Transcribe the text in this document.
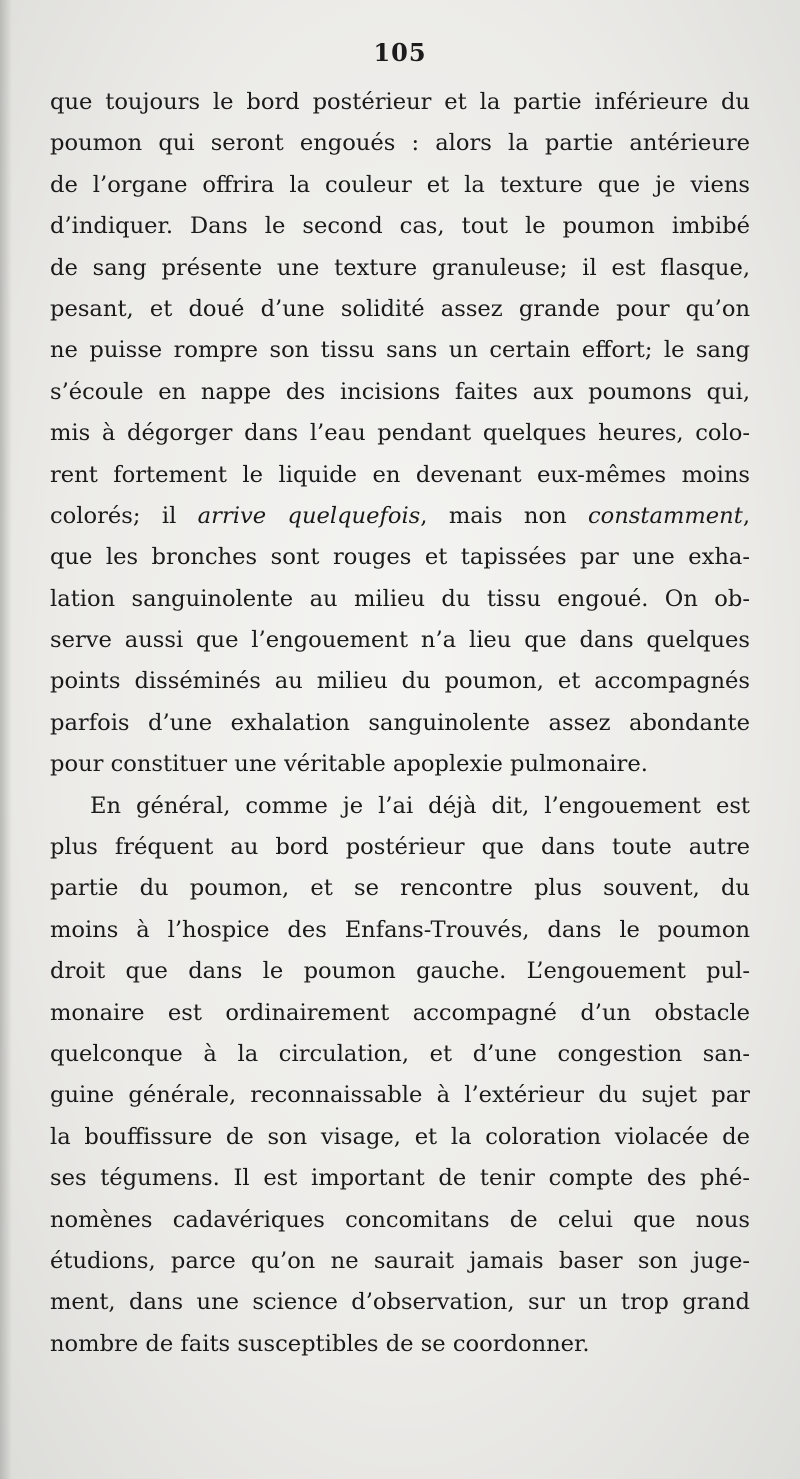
105
que toujours le bord postérieur et la partie inférieure du
poumon qui seront engoués : alors la partie antérieure
de l’organe offrira la couleur et la texture que je viens
d’indiquer. Dans le second cas, tout le poumon imbibé
de sang présente une texture granuleuse; il est flasque,
pesant, et doué d’une solidité assez grande pour qu’on
ne puisse rompre son tissu sans un certain effort; le sang
s’écoule en nappe des incisions faites aux poumons qui,
mis à dégorger dans l’eau pendant quelques heures, colo-
rent fortement le liquide en devenant eux-mêmes moins
colorés; il arrive quelquefois, mais non constamment,
que les bronches sont rouges et tapissées par une exha-
lation sanguinolente au milieu du tissu engoué. On ob-
serve aussi que l’engouement n’a lieu que dans quelques
points disséminés au milieu du poumon, et accompagnés
parfois d’une exhalation sanguinolente assez abondante
pour constituer une véritable apoplexie pulmonaire.
En général, comme je l’ai déjà dit, l’engouement est
plus fréquent au bord postérieur que dans toute autre
partie du poumon, et se rencontre plus souvent, du
moins à l’hospice des Enfans-Trouvés, dans le poumon
droit que dans le poumon gauche. L’engouement pul-
monaire est ordinairement accompagné d’un obstacle
quelconque à la circulation, et d’une congestion san-
guine générale, reconnaissable à l’extérieur du sujet par
la bouffissure de son visage, et la coloration violacée de
ses tégumens. Il est important de tenir compte des phé-
nomènes cadavériques concomitans de celui que nous
étudions, parce qu’on ne saurait jamais baser son juge-
ment, dans une science d’observation, sur un trop grand
nombre de faits susceptibles de se coordonner.
